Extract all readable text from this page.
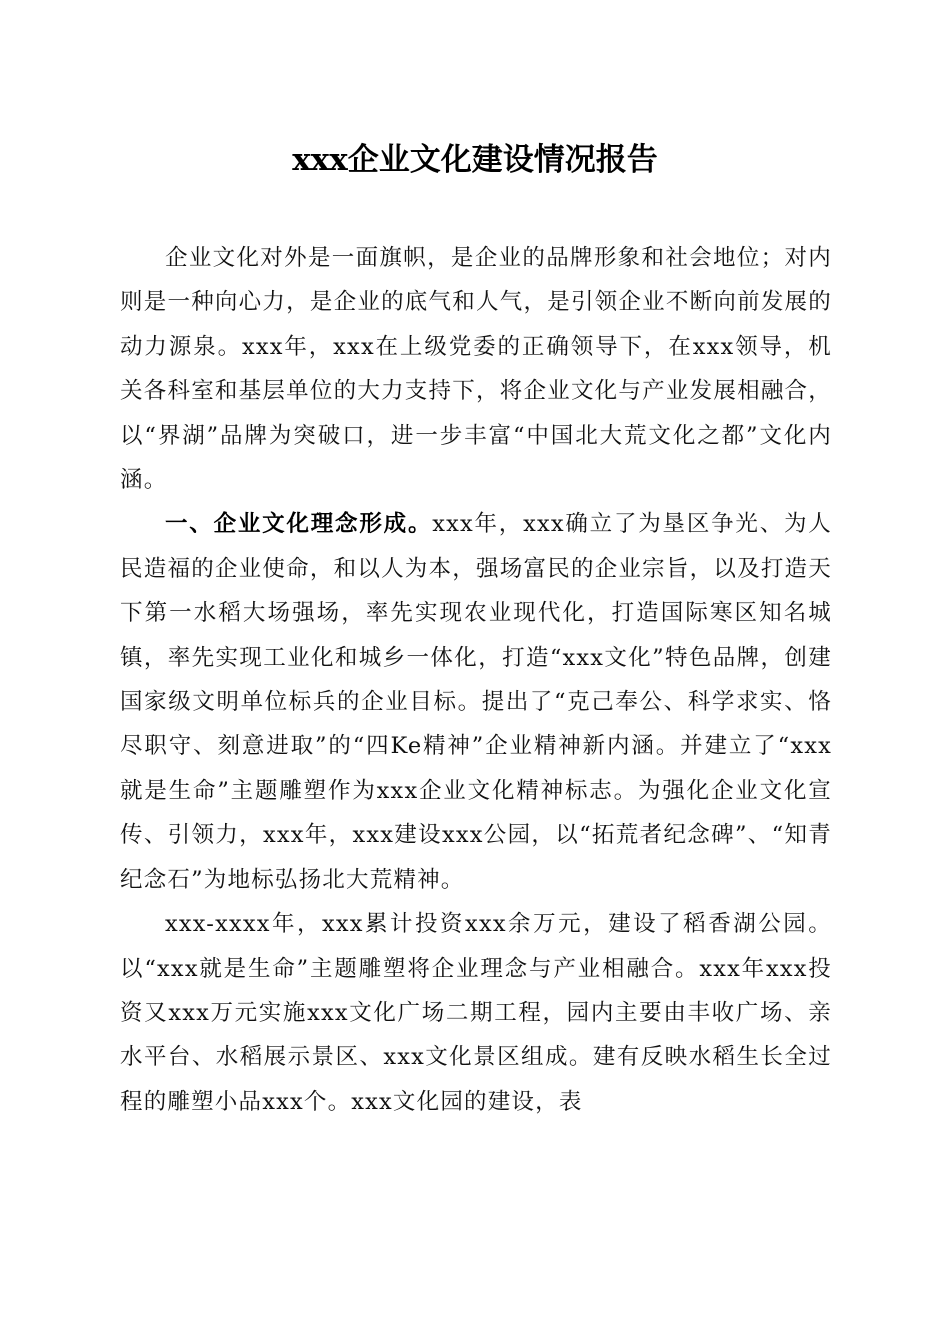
xxx企业文化建设情况报告

企业文化对外是一面旗帜，是企业的品牌形象和社会地位；对内则是一种向心力，是企业的底气和人气，是引领企业不断向前发展的动力源泉。xxx年，xxx在上级党委的正确领导下，在xxx领导，机关各科室和基层单位的大力支持下，将企业文化与产业发展相融合，以“界湖”品牌为突破口，进一步丰富“中国北大荒文化之都”文化内涵。

一、企业文化理念形成。xxx年，xxx确立了为垦区争光、为人民造福的企业使命，和以人为本，强场富民的企业宗旨，以及打造天下第一水稻大场强场，率先实现农业现代化，打造国际寒区知名城镇，率先实现工业化和城乡一体化，打造“xxx文化”特色品牌，创建国家级文明单位标兵的企业目标。提出了“克己奉公、科学求实、恪尽职守、刻意进取”的“四Ke精神”企业精神新内涵。并建立了“xxx就是生命”主题雕塑作为xxx企业文化精神标志。为强化企业文化宣传、引领力，xxx年，xxx建设xxx公园，以“拓荒者纪念碑”、“知青纪念石”为地标弘扬北大荒精神。

xxx-xxxx年，xxx累计投资xxx余万元，建设了稻香湖公园。以“xxx就是生命”主题雕塑将企业理念与产业相融合。xxx年xxx投资又xxx万元实施xxx文化广场二期工程，园内主要由丰收广场、亲水平台、水稻展示景区、xxx文化景区组成。建有反映水稻生长全过程的雕塑小品xxx个。xxx文化园的建设，表
